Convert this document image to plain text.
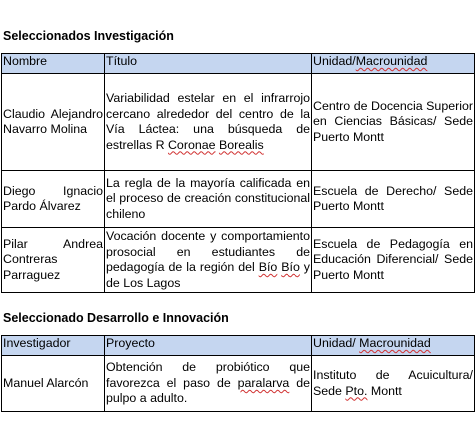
Seleccionados Investigación
Nombre	Título	Unidad/Macrounidad
Claudio Alejandro Navarro Molina	Variabilidad estelar en el infrarrojo cercano alrededor del centro de la Vía Láctea: una búsqueda de estrellas R Coronae Borealis	Centro de Docencia Superior en Ciencias Básicas/ Sede Puerto Montt
Diego Ignacio Pardo Álvarez	La regla de la mayoría calificada en el proceso de creación constitucional chileno	Escuela de Derecho/ Sede Puerto Montt
Pilar Andrea Contreras Parraguez	Vocación docente y comportamiento prosocial en estudiantes de pedagogía de la región del Bío Bío y de Los Lagos	Escuela de Pedagogía en Educación Diferencial/ Sede Puerto Montt
Seleccionado Desarrollo e Innovación
Investigador	Proyecto	Unidad/ Macrounidad
Manuel Alarcón	Obtención de probiótico que favorezca el paso de paralarva de pulpo a adulto.	Instituto de Acuicultura/ Sede Pto. Montt
